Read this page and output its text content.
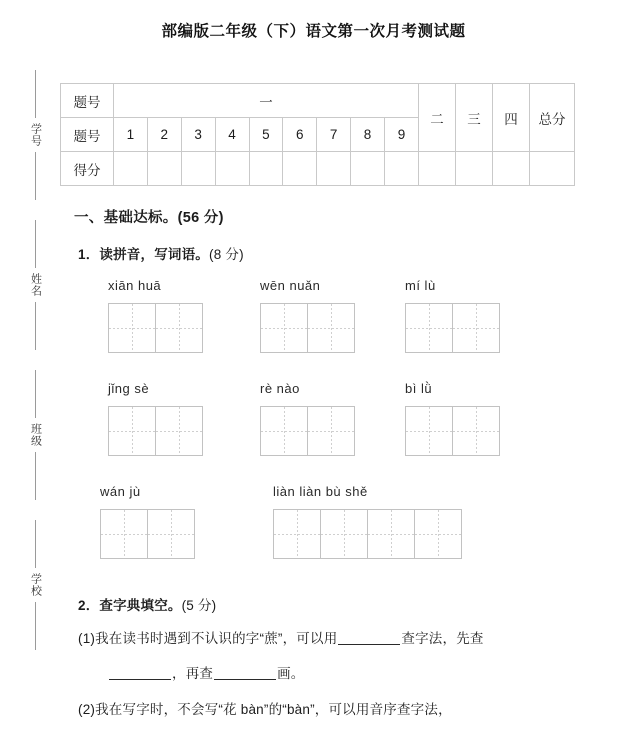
部编版二年级（下）语文第一次月考测试题
学号
姓名
班级
学校
题号	一									二	三	四	总分
题号	1	2	3	4	5	6	7	8	9				
得分													
一、基础达标。(56 分)
1．读拼音，写词语。(8 分)
xiān huā	wēn nuǎn	mí lù
jǐng sè	rè nào	bì lǜ
wán jù	liàn liàn bù shě
2．查字典填空。(5 分)
(1)我在读书时遇到不认识的字“蔗”，可以用	查字法，先查
，再查	画。
(2)我在写字时，不会写“花 bàn”的“bàn”，可以用音序查字法，
